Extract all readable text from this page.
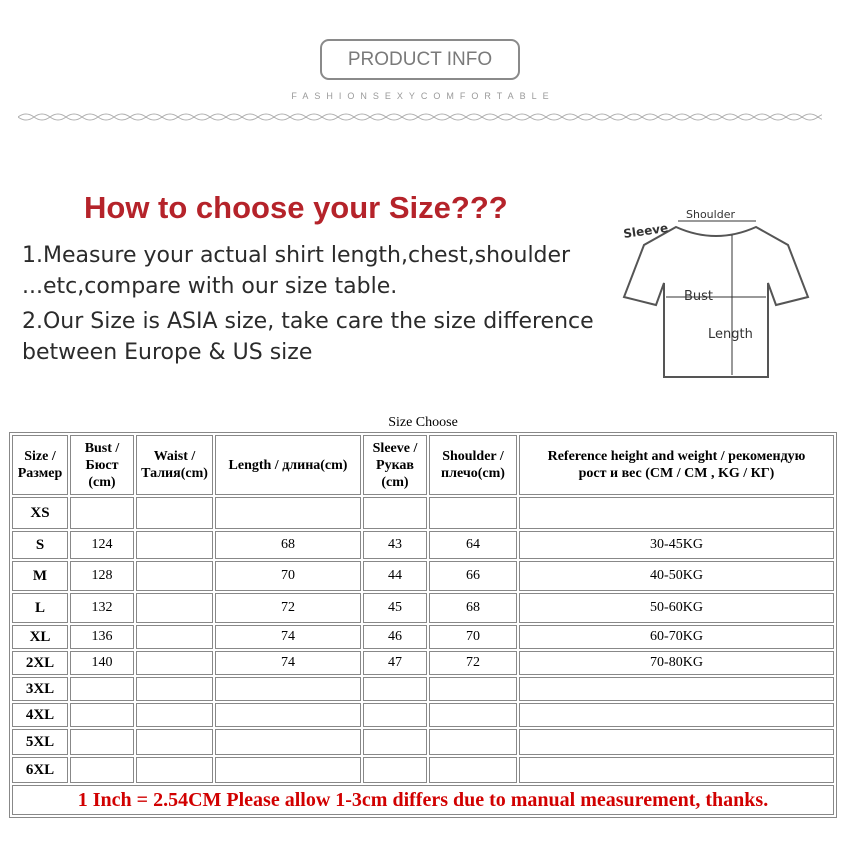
PRODUCT INFO
FASHIONSEXYCOMFORTABLE
How to choose your Size???
1.Measure your actual shirt length,chest,shoulder
...etc,compare with our size table.
2.Our Size is ASIA size, take care the size difference
between Europe & US size
Shoulder
Sleeve
Bust
Length
Size Choose
Size /
Размер	Bust /
Бюст
(cm)	Waist /
Талия(cm)	Length / длина(cm)	Sleeve /
Рукав
(cm)	Shoulder /
плечо(cm)	Reference height and weight / рекомендую
рост и вес (CM / CM , KG / КГ)
XS						
S	124		68	43	64	30-45KG
M	128		70	44	66	40-50KG
L	132		72	45	68	50-60KG
XL	136		74	46	70	60-70KG
2XL	140		74	47	72	70-80KG
3XL						
4XL						
5XL						
6XL						
1 Inch = 2.54CM Please allow 1-3cm differs due to manual measurement, thanks.						
